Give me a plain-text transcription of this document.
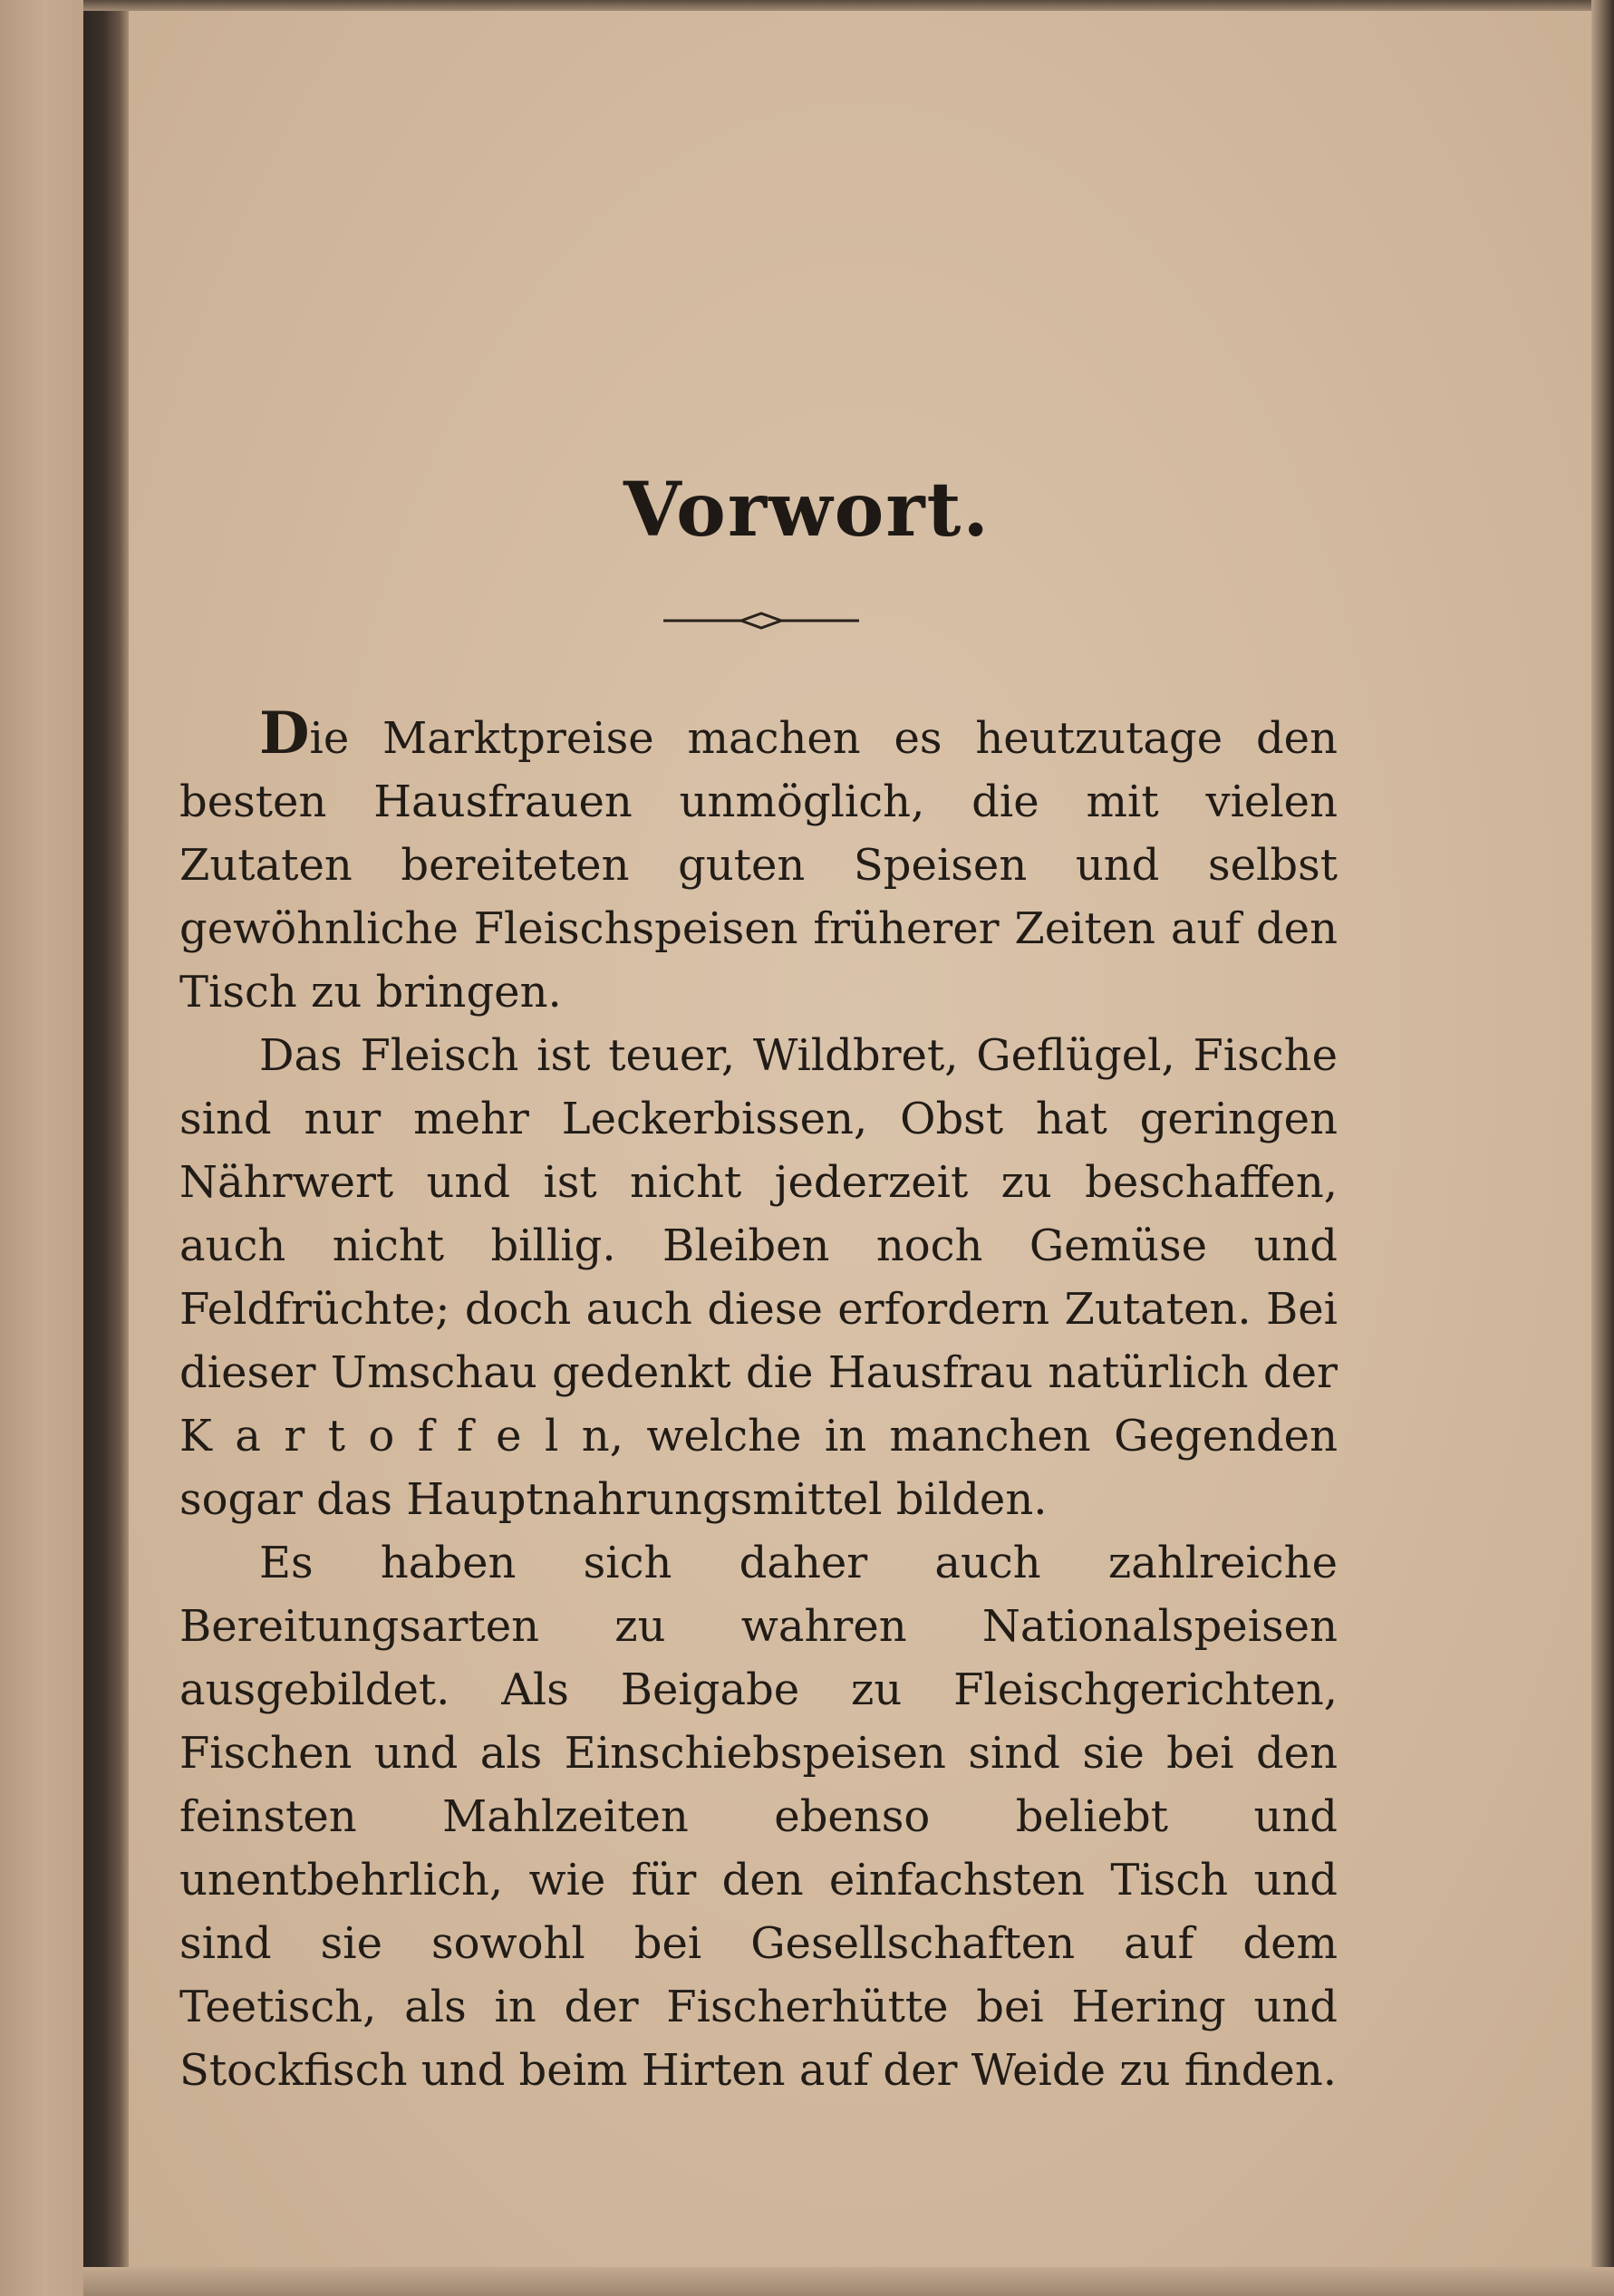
Vorwort.

Die Marktpreise machen es heutzutage den besten Hausfrauen unmöglich, die mit vielen Zutaten bereiteten guten Speisen und selbst gewöhnliche Fleischspeisen früherer Zeiten auf den Tisch zu bringen.

Das Fleisch ist teuer, Wildbret, Geflügel, Fische sind nur mehr Leckerbissen, Obst hat geringen Nährwert und ist nicht jederzeit zu beschaffen, auch nicht billig. Bleiben noch Gemüse und Feldfrüchte; doch auch diese erfordern Zutaten. Bei dieser Umschau gedenkt die Hausfrau natürlich der K a r t o f f e l n, welche in manchen Gegenden sogar das Hauptnahrungsmittel bilden.

Es haben sich daher auch zahlreiche Bereitungsarten zu wahren Nationalspeisen ausgebildet. Als Beigabe zu Fleischgerichten, Fischen und als Einschiebspeisen sind sie bei den feinsten Mahlzeiten ebenso beliebt und unentbehrlich, wie für den einfachsten Tisch und sind sie sowohl bei Gesellschaften auf dem Teetisch, als in der Fischerhütte bei Hering und Stockfisch und beim Hirten auf der Weide zu finden.
